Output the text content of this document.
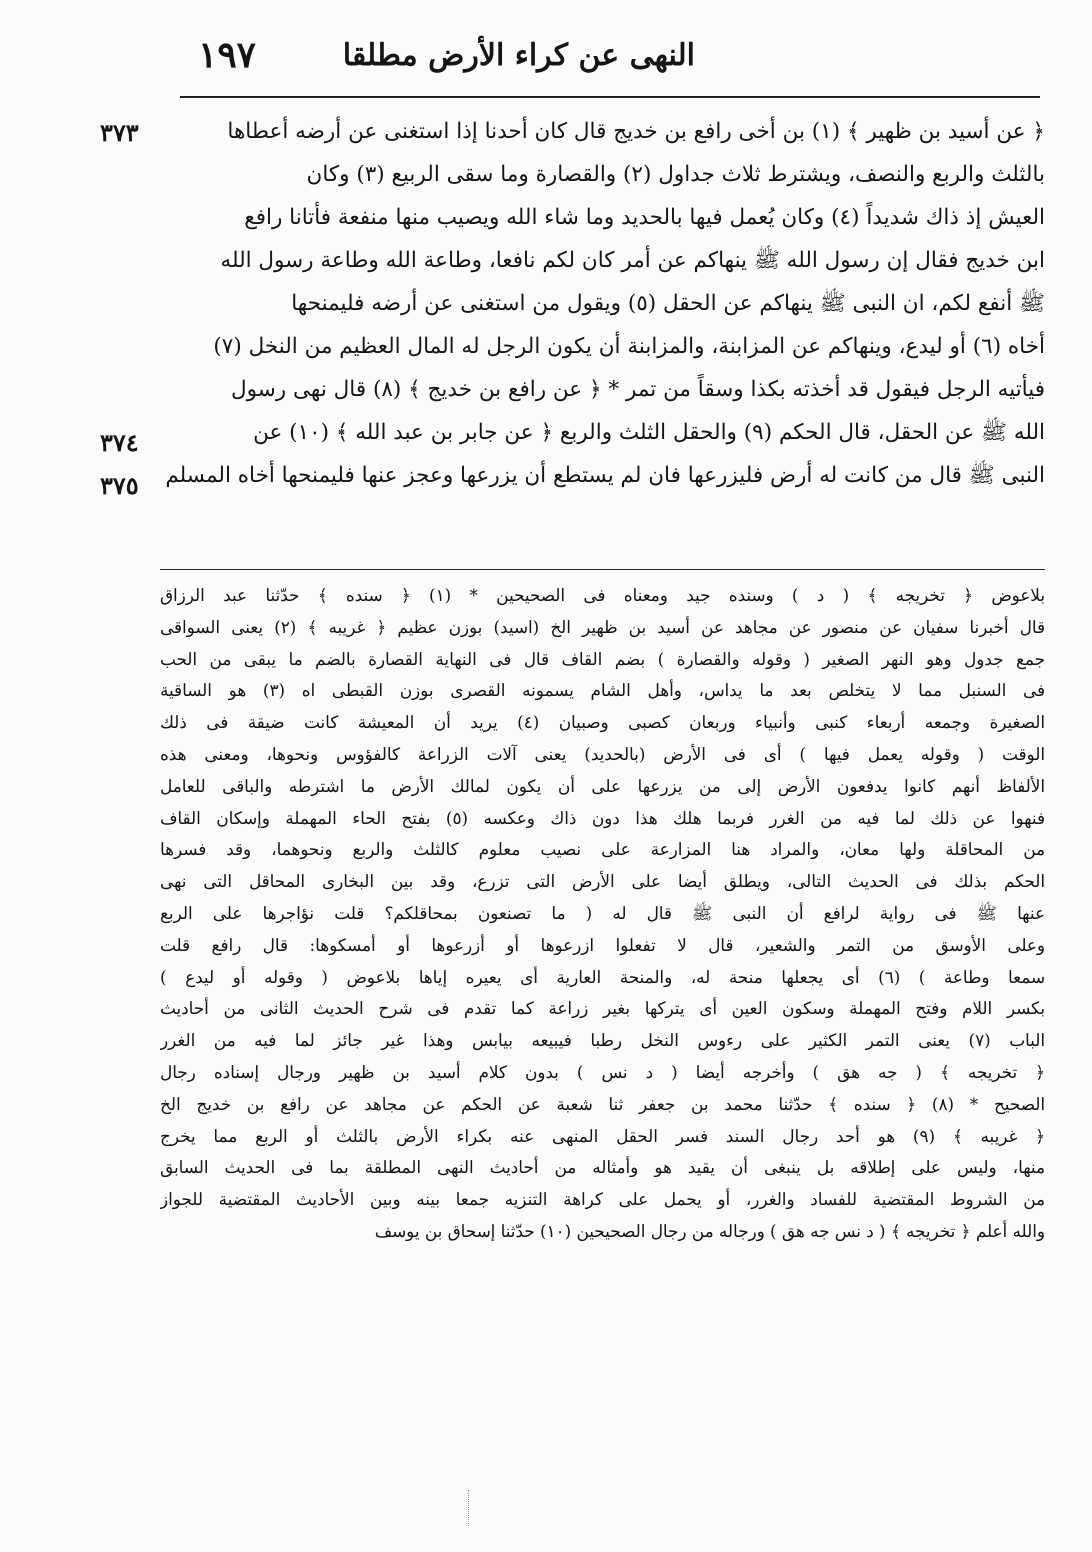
النهى عن كراء الأرض مطلقا
١٩٧
٣٧٣
٣٧٤
٣٧٥
﴿ عن أسيد بن ظهير ﴾ (١) بن أخى رافع بن خديج قال كان أحدنا إذا استغنى عن أرضه أعطاها
بالثلث والربع والنصف، ويشترط ثلاث جداول (٢) والقصارة وما سقى الربيع (٣) وكان
العيش إذ ذاك شديداً (٤) وكان يُعمل فيها بالحديد وما شاء الله ويصيب منها منفعة فأتانا رافع
ابن خديج فقال إن رسول الله ﷺ ينهاكم عن أمر كان لكم نافعا، وطاعة الله وطاعة رسول الله
ﷺ أنفع لكم، ان النبى ﷺ ينهاكم عن الحقل (٥) ويقول من استغنى عن أرضه فليمنحها
أخاه (٦) أو ليدع، وينهاكم عن المزابنة، والمزابنة أن يكون الرجل له المال العظيم من النخل (٧)
فيأتيه الرجل فيقول قد أخذته بكذا وسقاً من تمر * ﴿ عن رافع بن خديج ﴾ (٨) قال نهى رسول
الله ﷺ عن الحقل، قال الحكم (٩) والحقل الثلث والربع ﴿ عن جابر بن عبد الله ﴾ (١٠) عن
النبى ﷺ قال من كانت له أرض فليزرعها فان لم يستطع أن يزرعها وعجز عنها فليمنحها أخاه المسلم
بلاعوض ﴿ تخريجه ﴾ ( د ) وسنده جيد ومعناه فى الصحيحين * (١) ﴿ سنده ﴾ حدّثنا عبد الرزاق
قال أخبرنا سفيان عن منصور عن مجاهد عن أسيد بن ظهير الخ (اسيد) بوزن عظيم ﴿ غريبه ﴾ (٢) يعنى السواقى
جمع جدول وهو النهر الصغير ( وقوله والقصارة ) بضم القاف قال فى النهاية القصارة بالضم ما يبقى من الحب
فى السنبل مما لا يتخلص بعد ما يداس، وأهل الشام يسمونه القصرى بوزن القبطى اه (٣) هو الساقية
الصغيرة وجمعه أربعاء كنبى وأنبياء وربعان كصبى وصبيان (٤) يريد أن المعيشة كانت ضيقة فى ذلك
الوقت ( وقوله يعمل فيها ) أى فى الأرض (بالحديد) يعنى آلات الزراعة كالفؤوس ونحوها، ومعنى هذه
الألفاظ أنهم كانوا يدفعون الأرض إلى من يزرعها على أن يكون لمالك الأرض ما اشترطه والباقى للعامل
فنهوا عن ذلك لما فيه من الغرر فربما هلك هذا دون ذاك وعكسه (٥) بفتح الحاء المهملة وإسكان القاف
من المحاقلة ولها معان، والمراد هنا المزارعة على نصيب معلوم كالثلث والربع ونحوهما، وقد فسرها
الحكم بذلك فى الحديث التالى، ويطلق أيضا على الأرض التى تزرع، وقد بين البخارى المحاقل التى نهى
عنها ﷺ فى رواية لرافع أن النبى ﷺ قال له ( ما تصنعون بمحاقلكم؟ قلت نؤاجرها على الربع
وعلى الأوسق من التمر والشعير، قال لا تفعلوا ازرعوها أو أزرعوها أو أمسكوها: قال رافع قلت
سمعا وطاعة ) (٦) أى يجعلها منحة له، والمنحة العارية أى يعيره إياها بلاعوض ( وقوله أو ليدع )
بكسر اللام وفتح المهملة وسكون العين أى يتركها بغير زراعة كما تقدم فى شرح الحديث الثانى من أحاديث
الباب (٧) يعنى التمر الكثير على رءوس النخل رطبا فيبيعه بيابس وهذا غير جائز لما فيه من الغرر
﴿ تخريجه ﴾ ( جه هق ) وأخرجه أيضا ( د نس ) بدون كلام أسيد بن ظهير ورجال إسناده رجال
الصحيح * (٨) ﴿ سنده ﴾ حدّثنا محمد بن جعفر ثنا شعبة عن الحكم عن مجاهد عن رافع بن خديج الخ
﴿ غريبه ﴾ (٩) هو أحد رجال السند فسر الحقل المنهى عنه بكراء الأرض بالثلث أو الربع مما يخرج
منها، وليس على إطلاقه بل ينبغى أن يقيد هو وأمثاله من أحاديث النهى المطلقة بما فى الحديث السابق
من الشروط المقتضية للفساد والغرر، أو يحمل على كراهة التنزيه جمعا بينه وبين الأحاديث المقتضية للجواز
والله أعلم ﴿ تخريجه ﴾ ( د نس جه هق ) ورجاله من رجال الصحيحين (١٠) حدّثنا إسحاق بن يوسف
